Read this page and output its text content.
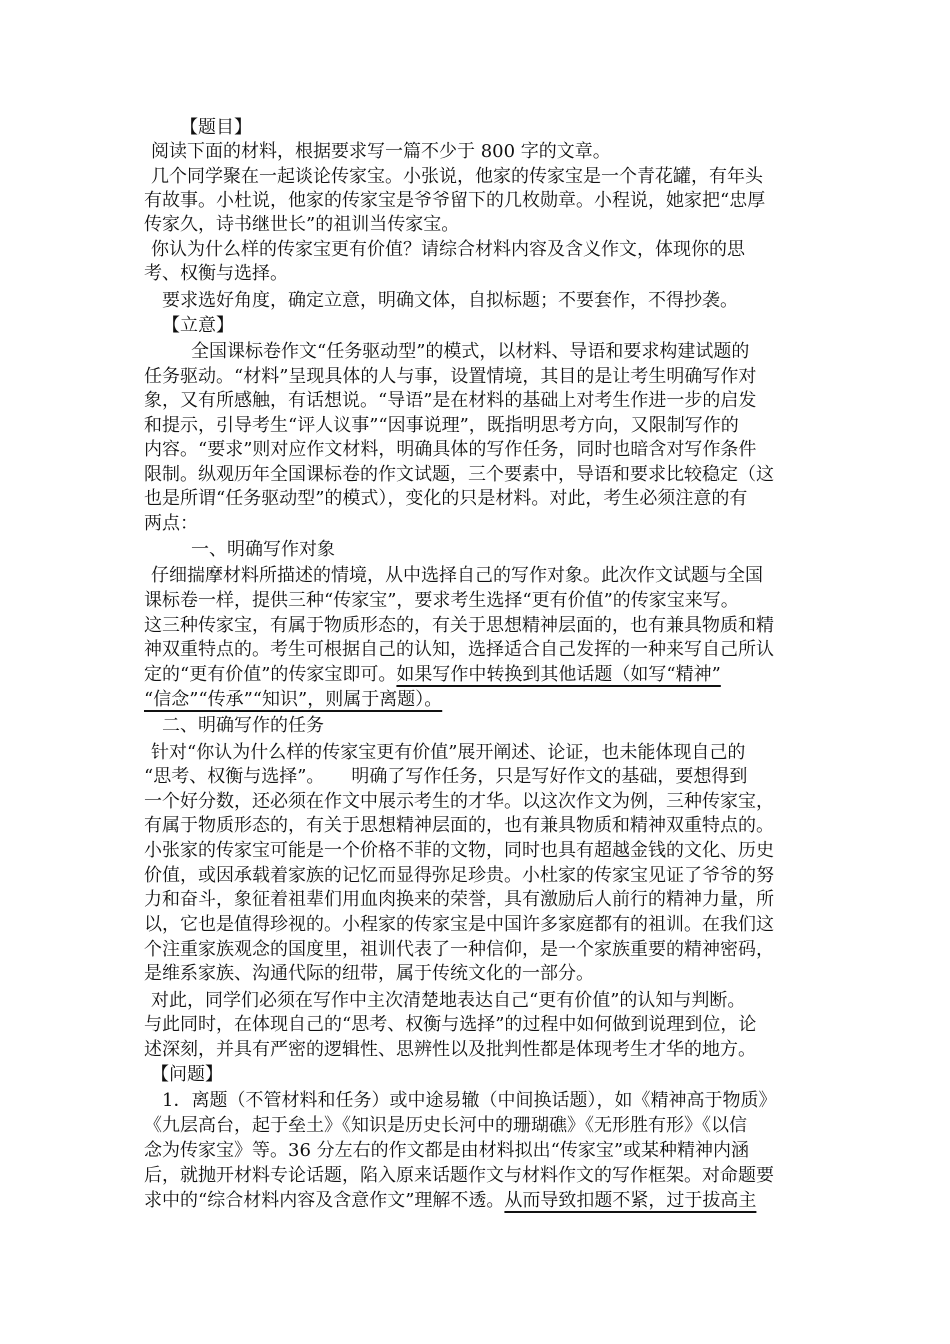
【题目】
阅读下面的材料，根据要求写一篇不少于 800 字的文章。
几个同学聚在一起谈论传家宝。小张说，他家的传家宝是一个青花罐，有年头
有故事。小杜说，他家的传家宝是爷爷留下的几枚勋章。小程说，她家把“忠厚
传家久，诗书继世长”的祖训当传家宝。
你认为什么样的传家宝更有价值？请综合材料内容及含义作文，体现你的思
考、权衡与选择。
要求选好角度，确定立意，明确文体，自拟标题；不要套作，不得抄袭。
【立意】
全国课标卷作文“任务驱动型”的模式，以材料、导语和要求构建试题的
任务驱动。“材料”呈现具体的人与事，设置情境，其目的是让考生明确写作对
象，又有所感触，有话想说。“导语”是在材料的基础上对考生作进一步的启发
和提示，引导考生“评人议事”“因事说理”，既指明思考方向，又限制写作的
内容。“要求”则对应作文材料，明确具体的写作任务，同时也暗含对写作条件
限制。纵观历年全国课标卷的作文试题，三个要素中，导语和要求比较稳定（这
也是所谓“任务驱动型”的模式），变化的只是材料。对此，考生必须注意的有
两点：
一、明确写作对象
仔细揣摩材料所描述的情境，从中选择自己的写作对象。此次作文试题与全国
课标卷一样，提供三种“传家宝”，要求考生选择“更有价值”的传家宝来写。
这三种传家宝，有属于物质形态的，有关于思想精神层面的，也有兼具物质和精
神双重特点的。考生可根据自己的认知，选择适合自己发挥的一种来写自己所认
定的“更有价值”的传家宝即可。如果写作中转换到其他话题（如写“精神”
“信念”“传承”“知识”，则属于离题）。
二、明确写作的任务
针对“你认为什么样的传家宝更有价值”展开阐述、论证，也未能体现自己的
“思考、权衡与选择”。　　明确了写作任务，只是写好作文的基础，要想得到
一个好分数，还必须在作文中展示考生的才华。以这次作文为例，三种传家宝，
有属于物质形态的，有关于思想精神层面的，也有兼具物质和精神双重特点的。
小张家的传家宝可能是一个价格不菲的文物，同时也具有超越金钱的文化、历史
价值，或因承载着家族的记忆而显得弥足珍贵。小杜家的传家宝见证了爷爷的努
力和奋斗，象征着祖辈们用血肉换来的荣誉，具有激励后人前行的精神力量，所
以，它也是值得珍视的。小程家的传家宝是中国许多家庭都有的祖训。在我们这
个注重家族观念的国度里，祖训代表了一种信仰，是一个家族重要的精神密码，
是维系家族、沟通代际的纽带，属于传统文化的一部分。
对此，同学们必须在写作中主次清楚地表达自己“更有价值”的认知与判断。
与此同时，在体现自己的“思考、权衡与选择”的过程中如何做到说理到位，论
述深刻，并具有严密的逻辑性、思辨性以及批判性都是体现考生才华的地方。
【问题】
1．离题（不管材料和任务）或中途易辙（中间换话题），如《精神高于物质》
《九层高台，起于垒土》《知识是历史长河中的珊瑚礁》《无形胜有形》《以信
念为传家宝》等。36 分左右的作文都是由材料拟出“传家宝”或某种精神内涵
后，就抛开材料专论话题，陷入原来话题作文与材料作文的写作框架。对命题要
求中的“综合材料内容及含意作文”理解不透。从而导致扣题不紧，过于拔高主
